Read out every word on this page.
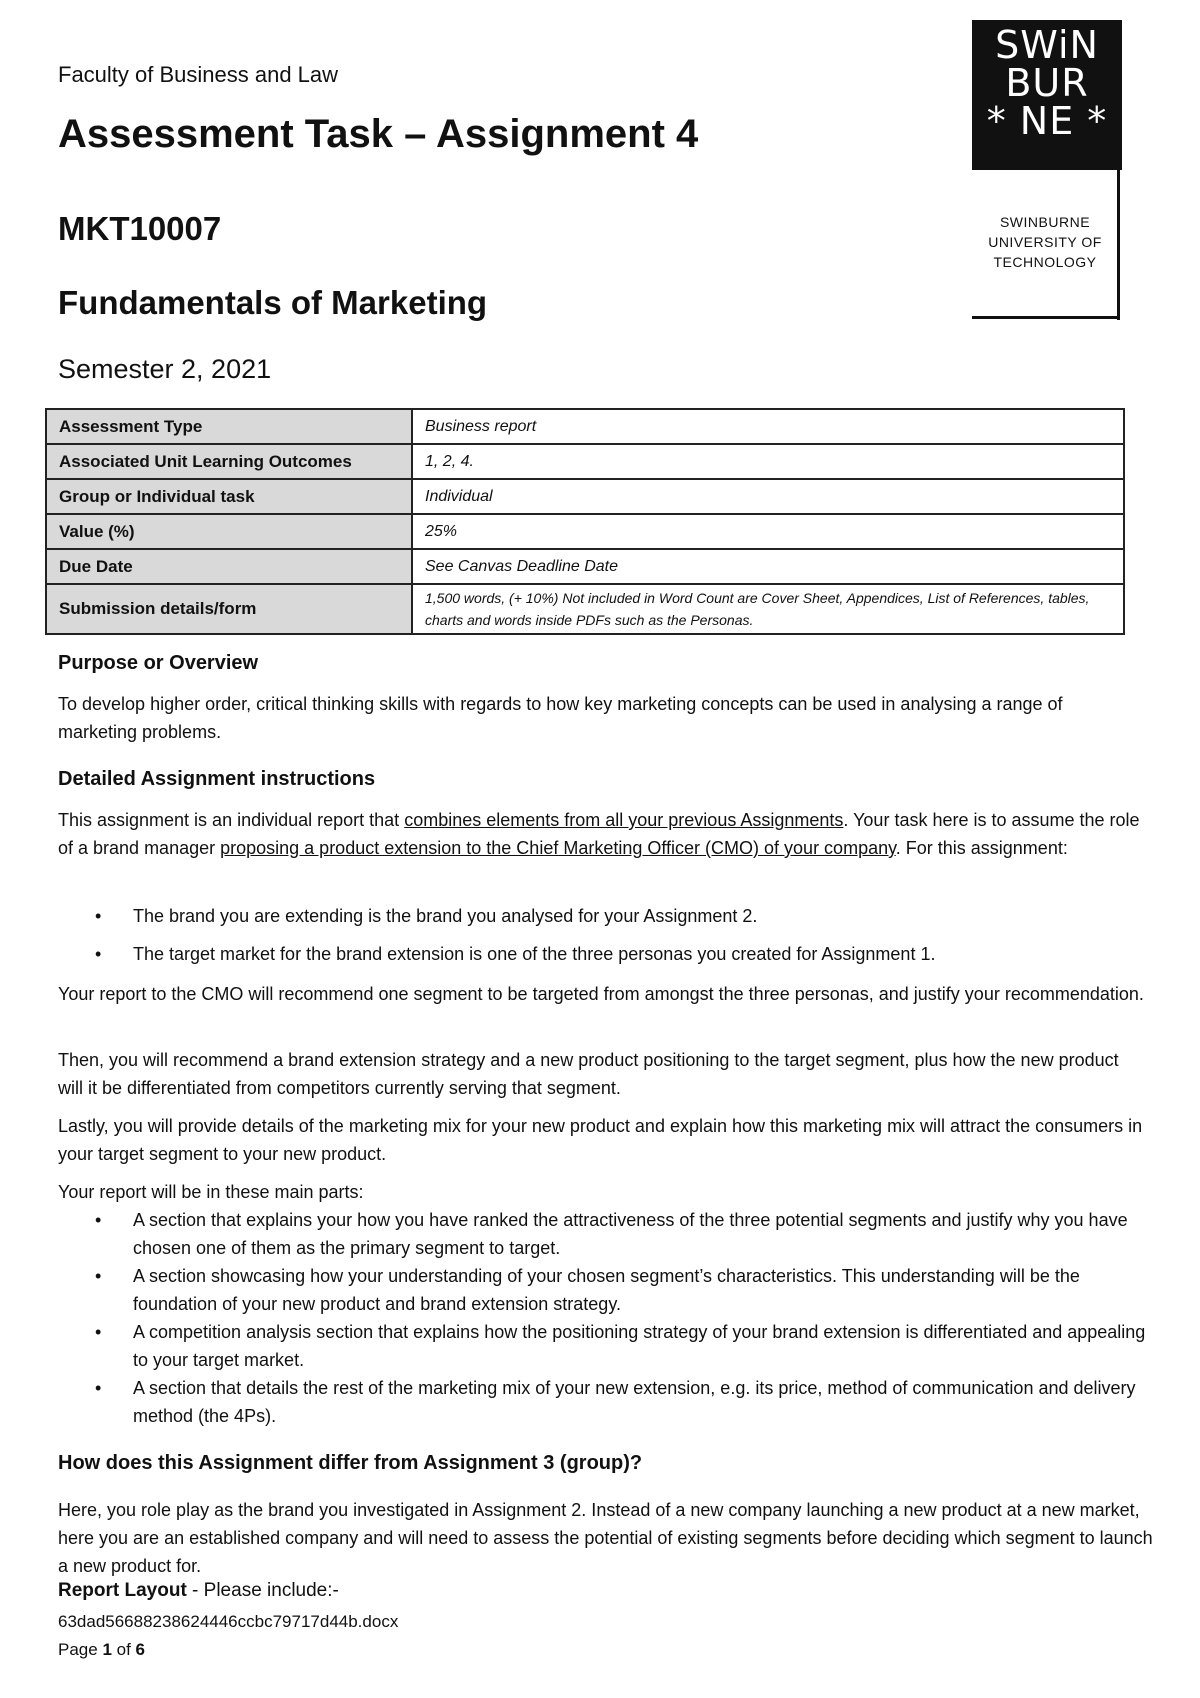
Faculty of Business and Law
Assessment Task – Assignment 4
MKT10007
Fundamentals of Marketing
Semester 2, 2021
SWiN
BUR
* NE *
SWINBURNE
UNIVERSITY OF
TECHNOLOGY
Assessment Type	Business report
Associated Unit Learning Outcomes	1, 2, 4.
Group or Individual task	Individual
Value (%)	25%
Due Date	See Canvas Deadline Date
Submission details/form	1,500 words, (+ 10%) Not included in Word Count are Cover Sheet, Appendices, List of References, tables, charts and words inside PDFs such as the Personas.
Purpose or Overview
To develop higher order, critical thinking skills with regards to how key marketing concepts can be used in analysing a range of marketing problems.
Detailed Assignment instructions
This assignment is an individual report that combines elements from all your previous Assignments. Your task here is to assume the role of a brand manager proposing a product extension to the Chief Marketing Officer (CMO) of your company. For this assignment:
• The brand you are extending is the brand you analysed for your Assignment 2.
• The target market for the brand extension is one of the three personas you created for Assignment 1.
Your report to the CMO will recommend one segment to be targeted from amongst the three personas, and justify your recommendation.
Then, you will recommend a brand extension strategy and a new product positioning to the target segment, plus how the new product will it be differentiated from competitors currently serving that segment.
Lastly, you will provide details of the marketing mix for your new product and explain how this marketing mix will attract the consumers in your target segment to your new product.
Your report will be in these main parts:
• A section that explains your how you have ranked the attractiveness of the three potential segments and justify why you have chosen one of them as the primary segment to target.
• A section showcasing how your understanding of your chosen segment’s characteristics. This understanding will be the foundation of your new product and brand extension strategy.
• A competition analysis section that explains how the positioning strategy of your brand extension is differentiated and appealing to your target market.
• A section that details the rest of the marketing mix of your new extension, e.g. its price, method of communication and delivery method (the 4Ps).
How does this Assignment differ from Assignment 3 (group)?
Here, you role play as the brand you investigated in Assignment 2. Instead of a new company launching a new product at a new market, here you are an established company and will need to assess the potential of existing segments before deciding which segment to launch a new product for.
Report Layout - Please include:-
63dad56688238624446ccbc79717d44b.docx
Page 1 of 6
